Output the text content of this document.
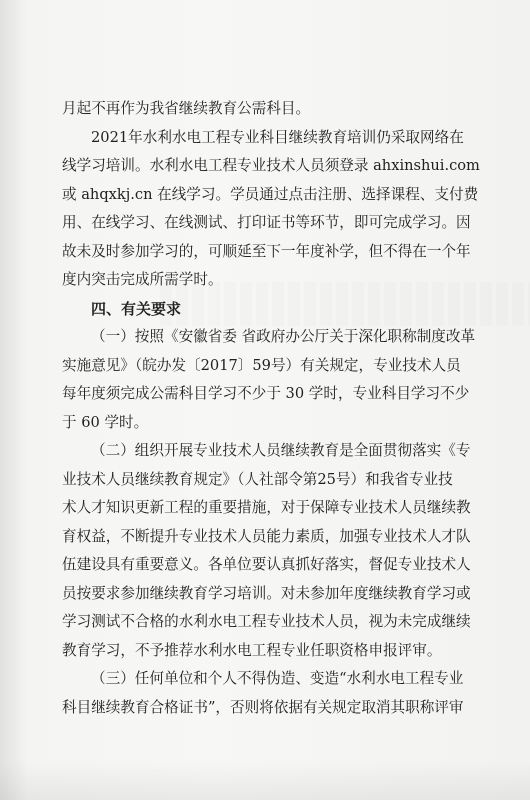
月起不再作为我省继续教育公需科目。
2021年水利水电工程专业科目继续教育培训仍采取网络在
线学习培训。水利水电工程专业技术人员须登录 ahxinshui.com
或 ahqxkj.cn 在线学习。学员通过点击注册、选择课程、支付费
用、在线学习、在线测试、打印证书等环节，即可完成学习。因
故未及时参加学习的，可顺延至下一年度补学，但不得在一个年
度内突击完成所需学时。
四、有关要求
（一）按照《安徽省委 省政府办公厅关于深化职称制度改革
实施意见》（皖办发〔2017〕59号）有关规定，专业技术人员
每年度须完成公需科目学习不少于 30 学时，专业科目学习不少
于 60 学时。
（二）组织开展专业技术人员继续教育是全面贯彻落实《专
业技术人员继续教育规定》（人社部令第25号）和我省专业技
术人才知识更新工程的重要措施，对于保障专业技术人员继续教
育权益，不断提升专业技术人员能力素质，加强专业技术人才队
伍建设具有重要意义。各单位要认真抓好落实，督促专业技术人
员按要求参加继续教育学习培训。对未参加年度继续教育学习或
学习测试不合格的水利水电工程专业技术人员，视为未完成继续
教育学习，不予推荐水利水电工程专业任职资格申报评审。
（三）任何单位和个人不得伪造、变造“水利水电工程专业
科目继续教育合格证书”，否则将依据有关规定取消其职称评审
